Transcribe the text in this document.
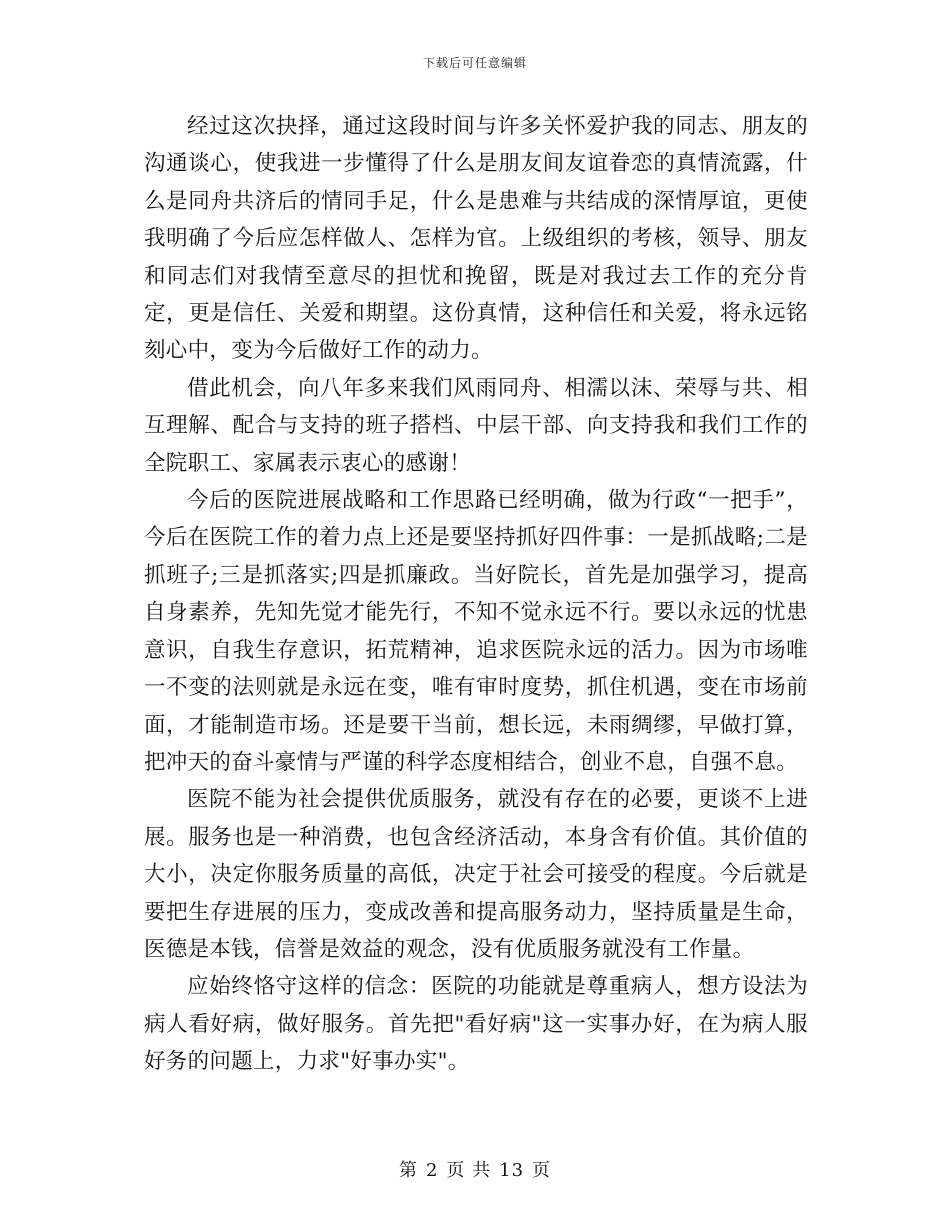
下载后可任意编辑

经过这次抉择，通过这段时间与许多关怀爱护我的同志、朋友的沟通谈心，使我进一步懂得了什么是朋友间友谊眷恋的真情流露，什么是同舟共济后的情同手足，什么是患难与共结成的深情厚谊，更使我明确了今后应怎样做人、怎样为官。上级组织的考核，领导、朋友和同志们对我情至意尽的担忧和挽留，既是对我过去工作的充分肯定，更是信任、关爱和期望。这份真情，这种信任和关爱，将永远铭刻心中，变为今后做好工作的动力。

借此机会，向八年多来我们风雨同舟、相濡以沫、荣辱与共、相互理解、配合与支持的班子搭档、中层干部、向支持我和我们工作的全院职工、家属表示衷心的感谢！

今后的医院进展战略和工作思路已经明确，做为行政“一把手”，今后在医院工作的着力点上还是要坚持抓好四件事：一是抓战略;二是抓班子;三是抓落实;四是抓廉政。当好院长，首先是加强学习，提高自身素养，先知先觉才能先行，不知不觉永远不行。要以永远的忧患意识，自我生存意识，拓荒精神，追求医院永远的活力。因为市场唯一不变的法则就是永远在变，唯有审时度势，抓住机遇，变在市场前面，才能制造市场。还是要干当前，想长远，未雨绸缪，早做打算，把冲天的奋斗豪情与严谨的科学态度相结合，创业不息，自强不息。

医院不能为社会提供优质服务，就没有存在的必要，更谈不上进展。服务也是一种消费，也包含经济活动，本身含有价值。其价值的大小，决定你服务质量的高低，决定于社会可接受的程度。今后就是要把生存进展的压力，变成改善和提高服务动力，坚持质量是生命，医德是本钱，信誉是效益的观念，没有优质服务就没有工作量。

应始终恪守这样的信念：医院的功能就是尊重病人，想方设法为病人看好病，做好服务。首先把"看好病"这一实事办好，在为病人服好务的问题上，力求"好事办实"。

第 2 页 共 13 页
